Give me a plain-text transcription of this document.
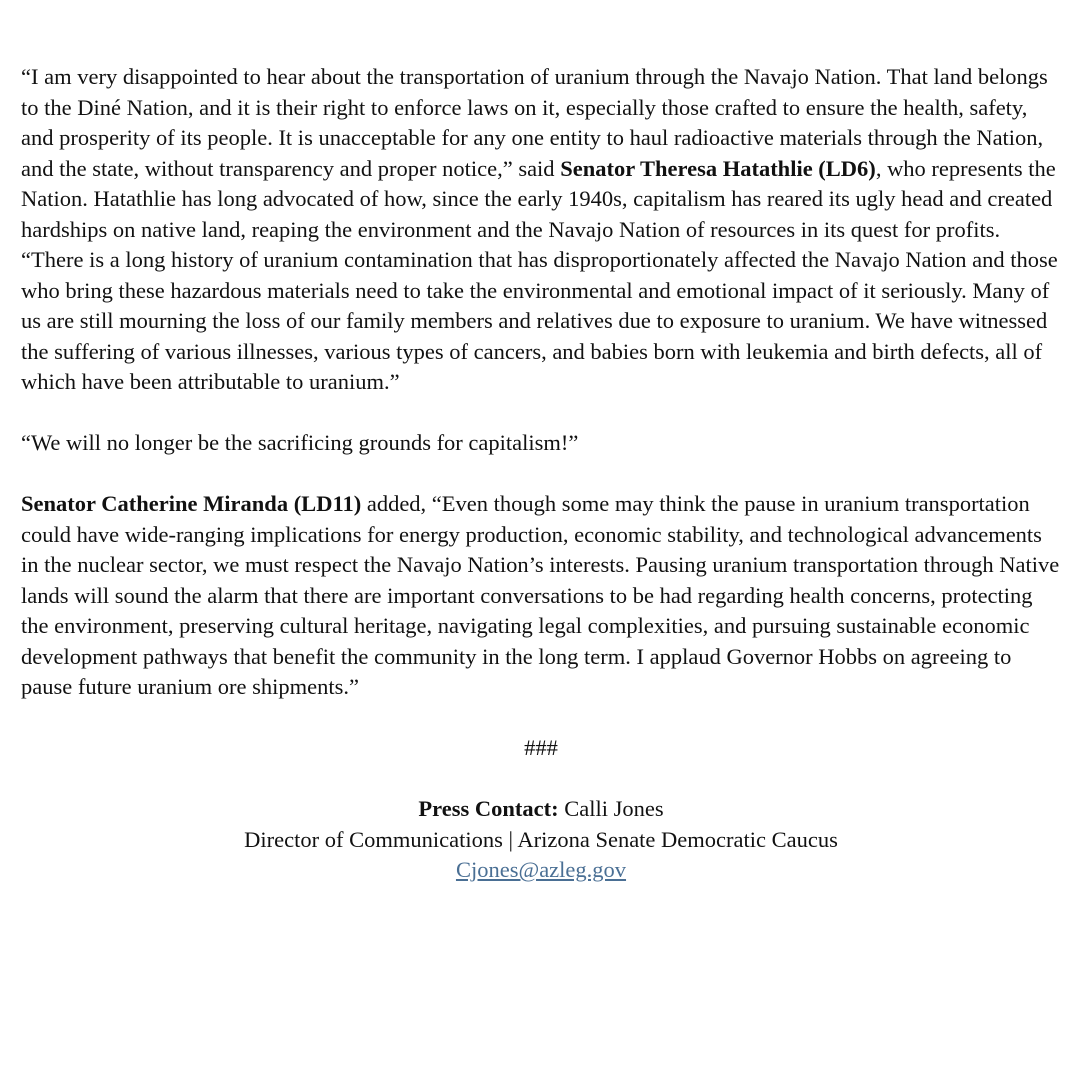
“I am very disappointed to hear about the transportation of uranium through the Navajo Nation. That land belongs to the Diné Nation, and it is their right to enforce laws on it, especially those crafted to ensure the health, safety, and prosperity of its people. It is unacceptable for any one entity to haul radioactive materials through the Nation, and the state, without transparency and proper notice,” said Senator Theresa Hatathlie (LD6), who represents the Nation. Hatathlie has long advocated of how, since the early 1940s, capitalism has reared its ugly head and created hardships on native land, reaping the environment and the Navajo Nation of resources in its quest for profits. “There is a long history of uranium contamination that has disproportionately affected the Navajo Nation and those who bring these hazardous materials need to take the environmental and emotional impact of it seriously. Many of us are still mourning the loss of our family members and relatives due to exposure to uranium. We have witnessed the suffering of various illnesses, various types of cancers, and babies born with leukemia and birth defects, all of which have been attributable to uranium.”

“We will no longer be the sacrificing grounds for capitalism!”

Senator Catherine Miranda (LD11) added, “Even though some may think the pause in uranium transportation could have wide-ranging implications for energy production, economic stability, and technological advancements in the nuclear sector, we must respect the Navajo Nation’s interests. Pausing uranium transportation through Native lands will sound the alarm that there are important conversations to be had regarding health concerns, protecting the environment, preserving cultural heritage, navigating legal complexities, and pursuing sustainable economic development pathways that benefit the community in the long term. I applaud Governor Hobbs on agreeing to pause future uranium ore shipments.”

###

Press Contact: Calli Jones
Director of Communications | Arizona Senate Democratic Caucus
Cjones@azleg.gov
